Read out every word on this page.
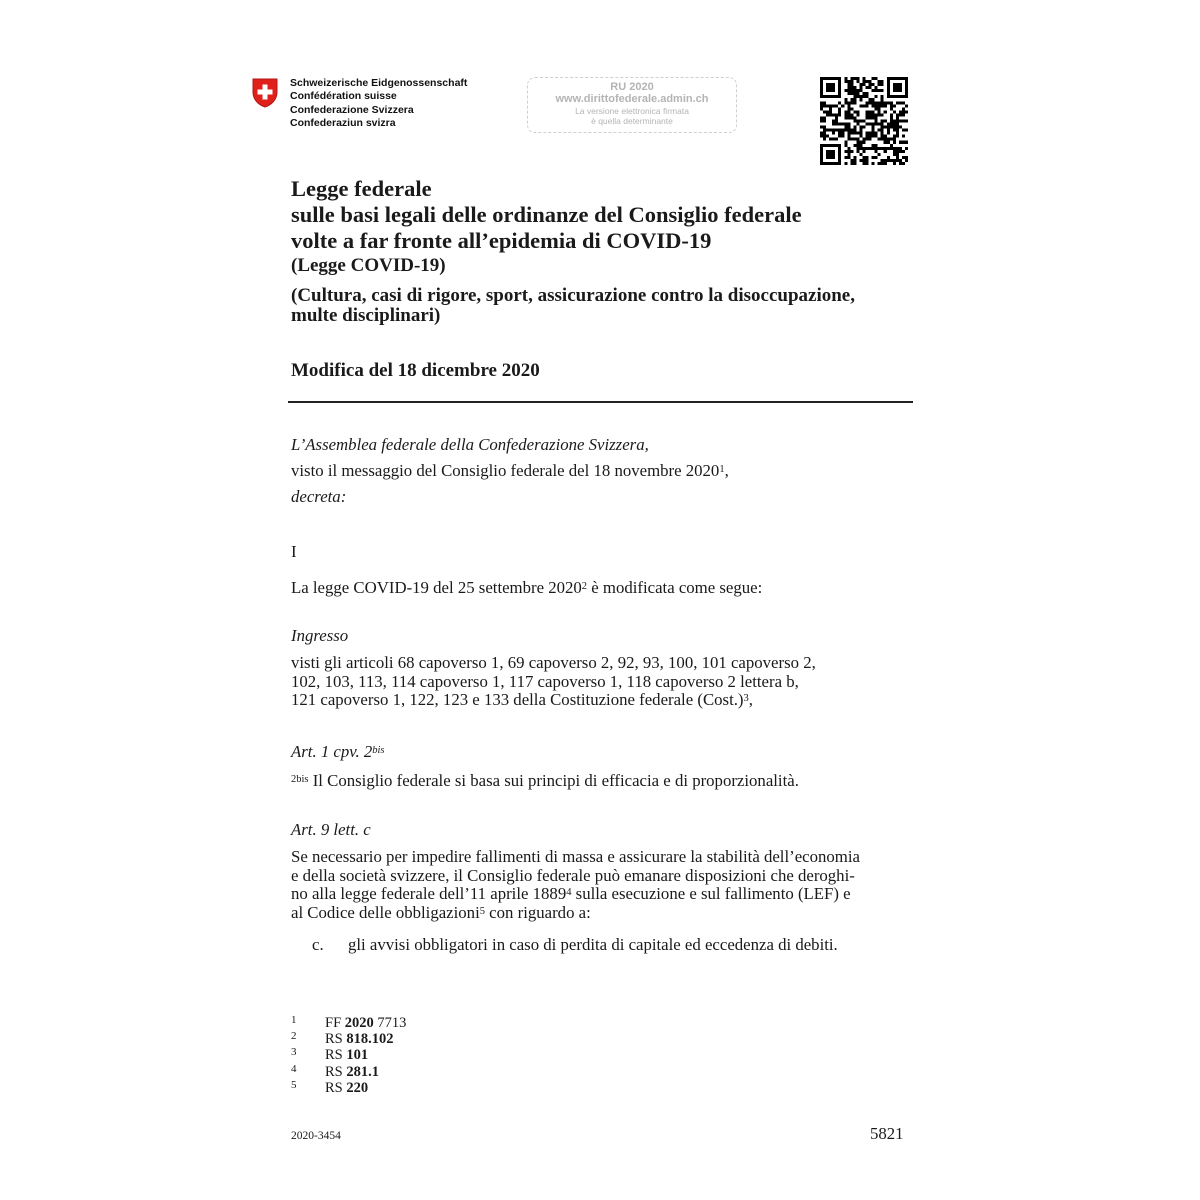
Schweizerische Eidgenossenschaft
Confédération suisse
Confederazione Svizzera
Confederaziun svizra
RU 2020
www.dirittofederale.admin.ch
La versione elettronica firmata
è quella determinante
Legge federale
sulle basi legali delle ordinanze del Consiglio federale
volte a far fronte all’epidemia di COVID-19
(Legge COVID-19)
(Cultura, casi di rigore, sport, assicurazione contro la disoccupazione,
multe disciplinari)
Modifica del 18 dicembre 2020
L’Assemblea federale della Confederazione Svizzera,
visto il messaggio del Consiglio federale del 18 novembre 2020$^1$,
decreta:
I
La legge COVID-19 del 25 settembre 2020$^2$ è modificata come segue:
Ingresso
visti gli articoli 68 capoverso 1, 69 capoverso 2, 92, 93, 100, 101 capoverso 2,
102, 103, 113, 114 capoverso 1, 117 capoverso 1, 118 capoverso 2 lettera b,
121 capoverso 1, 122, 123 e 133 della Costituzione federale (Cost.)$^3$,
Art. 1 cpv. $2^{bis}$
$^{2bis}$ Il Consiglio federale si basa sui principi di efficacia e di proporzionalità.
Art. 9 lett. c
Se necessario per impedire fallimenti di massa e assicurare la stabilità dell’economia
e della società svizzere, il Consiglio federale può emanare disposizioni che deroghi-
no alla legge federale dell’11 aprile 1889$^4$ sulla esecuzione e sul fallimento (LEF) e
al Codice delle obbligazioni$^5$ con riguardo a:
c. gli avvisi obbligatori in caso di perdita di capitale ed eccedenza di debiti.
1 FF 2020 7713
2 RS 818.102
3 RS 101
4 RS 281.1
5 RS 220
2020-3454	5821
